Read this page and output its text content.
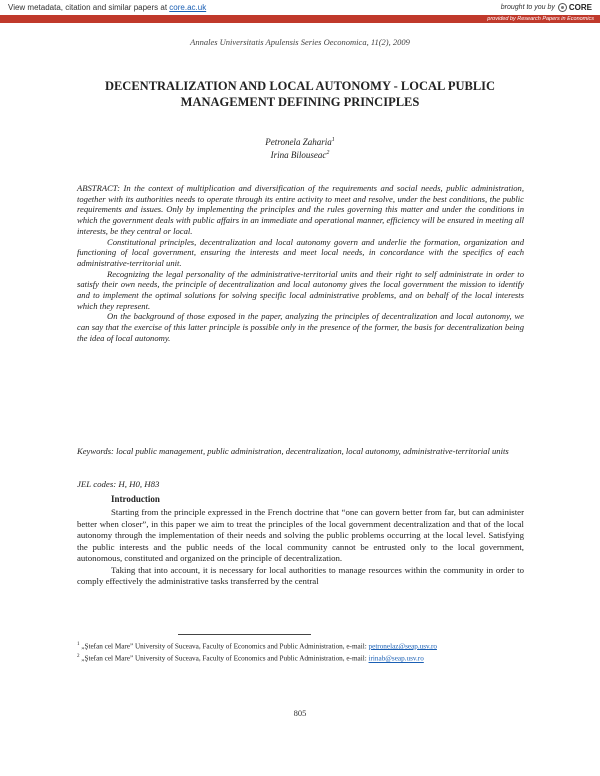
View metadata, citation and similar papers at core.ac.uk	brought to you by CORE
provided by Research Papers in Economics
Annales Universitatis Apulensis Series Oeconomica, 11(2), 2009
DECENTRALIZATION AND LOCAL AUTONOMY - LOCAL PUBLIC
MANAGEMENT DEFINING PRINCIPLES
Petronela Zaharia$^1$
Irina Bilouseac$^2$

ABSTRACT: In the context of multiplication and diversification of the requirements and social needs, public administration, together with its authorities needs to operate through its entire activity to meet and resolve, under the best conditions, the public requirements and issues. Only by implementing the principles and the rules governing this matter and under the conditions in which the government deals with public affairs in an immediate and operational manner, efficiency will be ensured in meeting all interests, be they central or local.

Constitutional principles, decentralization and local autonomy govern and underlie the formation, organization and functioning of local government, ensuring the interests and meet local needs, in concordance with the specifics of each administrative-territorial unit.

Recognizing the legal personality of the administrative-territorial units and their right to self administrate in order to satisfy their own needs, the principle of decentralization and local autonomy gives the local government the mission to identify and to implement the optimal solutions for solving specific local administrative problems, and on behalf of the local interests which they represent.

On the background of those exposed in the paper, analyzing the principles of decentralization and local autonomy, we can say that the exercise of this latter principle is possible only in the presence of the former, the basis for decentralization being the idea of local autonomy.

Keywords: local public management, public administration, decentralization, local autonomy, administrative-territorial units
JEL codes: H, H0, H83
Introduction

Starting from the principle expressed in the French doctrine that “one can govern better from far, but can administer better when closer”, in this paper we aim to treat the principles of the local government decentralization and that of the local autonomy through the implementation of their needs and solving the public problems occurring at the local level. Satisfying the public interests and the public needs of the local community cannot be entrusted only to the local government, autonomous, constituted and organized on the principle of decentralization.

Taking that into account, it is necessary for local authorities to manage resources within the community in order to comply effectively the administrative tasks transferred by the central

$^1$ „Ştefan cel Mare” University of Suceava, Faculty of Economics and Public Administration, e-mail: petronelaz@seap.usv.ro

$^2$ „Ştefan cel Mare” University of Suceava, Faculty of Economics and Public Administration, e-mail: irinab@seap.usv.ro

805
